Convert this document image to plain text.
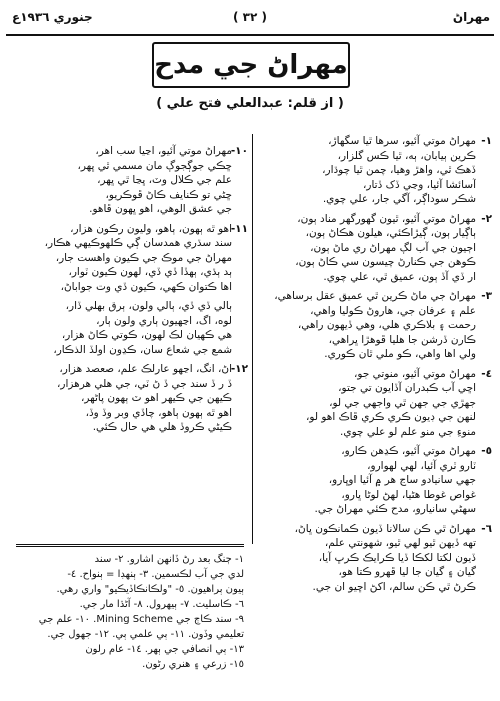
مهراڻ
( ٣٢ )
جنوري ١٩٣٦ع
مهراڻ جي مدح
( از قلم: عبدالعلي فتح علي )
١-
مهراڻ موتي آئيو، سرها ٿيا سگهاڙ،
ڪرين ٻيابان، ٻه، ٿيا ڪس گلزار،
ڏهڪ ٿي، واهڙ وهيا، چمن ٿيا چوڌار،
آسائشا آئيا، وڃي ڏک ڏتار،
شڪر سوداڳر، آگي جار، علي چوي.
٢-
مهراڻ موتي آئيو، ٿيون گهورگهر مناد ٻون،
ٻاڳيار ٻون، ڳيڙاڪئي، هيلون هڪاڻ ٻون،
اڄيون جي آب لڳ مهراڻ ري ماڻ ٻون،
ڪوهن جي ڪنارڻ چيسون سي ڪاڻ ٻون،
ار ڏي آڏ ٻون، عميق ٿي، علي چوي.
٣-
مهراڻ جي ماڻ ڪرين ٿي عميق عقل برساهي،
علم ۽ عرفان جي، هاروڻ ڪوليا واهي،
رحمت ۽ بلاڪري هلي، وهي ڏيهون راهي،
ڪارن ڏرشن جا هليا ڦوهڙا ڀراهي،
ولي اها واهي، ڪو ملي ٿان ڪوري.
٤-
مهراڻ موتي آئيو، منوتي جو،
اڇي آب ڪبدران آڏايون تي جتو،
جهڙي جي جهن ٿي واجهي جي لو،
لنهن جي ڊيون ڪري ڪري ڦاڪ اهو لو،
منوءِ جي منو علم لو علي چوي.
٥-
مهراڻ موتي آئيو، ڪڍهن ڪارو،
ٽارو ٽري آئيا، لهي لهوارو،
جهي سانيادو ساڃ هر ۾ آئيا اوڀارو،
غواص غوطا هڻيا، لهڻ لوڻا ڀارو،
سهڻي سانيارو، مدح ڪئي مهراڻ جي.
٦-
مهراڻ ٿي ڪن سالانا ڏيون ڪمانڪون ڀاڻ،
تهه ڏيهن ٿيو لهي ٿيو، شهونتي علم،
ڏيون لکتا لکڪا ڏيا ڪرايڪ ڪرڀ آيا،
گيان ۽ گيان جا ليا ڦهرو ڪتا هو،
ڪرڻ ٿي ڪن سالم، اکڻ اڇيو ان جي.
١٠-
مهراڻ موتي آئيو، اڃيا سب اهر،
ڇڪي جوڳجوڳ مان مسمي ٿي ڀهر،
علم جي ڪلال وٽ، ڀڃا ٿي ڀهر،
ڇڻي تو ڪنايف ڪاڻ ڦوڪريو،
جي عشق الوهي، اهو ڀهون ڦاهو.
١١-
اهو ٿه ٻهون، ٻاهو، وليون رڪون هزار،
سند سڌري همدسان ڳي ڪلهوڪيهي هڪار،
مهراڻ جي موڪ جي ڪيون واهست جار،
ٻد ٻڌي، ٻهڏا ڏي ڏي، لهون ڪيون ٽوار،
اها ڪتوان ڪهي، ڪيون ڏي وت جواباڻ،
ٻالي ڏي ڏي، ٻالي ولون، ٻرق بهلي ڏار،
لوه، اگ، اڃهيون ٻاري ولون ٻار،
هي ڪهيان لڪ لهون، ڪوتي ڪاڻ هزار،
شمع جي شعاع سان، ڪڍون اولڏ الذڪار،
١٢-
اڻ، انگ، اڃهو عارلڪ علم، صعصد هزار،
ڏ ر ڏ سند جي ڏ ڻ ٽي، جي هلي هرهزار،
ڪيهن جي ڪيهر اهو ٽ ٻهون پاڻهر،
اهو ٿه ٻهون ٻاهو، چاڏي وبر وڏ وڏ،
ڪيڻي ڪروڏ هلي هي حال ڪئي.
١- ڄنگ بعد رڻ ڏانهن اشارو. ٢- سند
لدي جي آب لڪسمين. ٣- ٻنهڊا = ٻنواح. ٤-
ٻيون ٻراهيون. ٥- "ولڪانڪاڏيڪيو" واري رهي.
٦- ڪاسليت. ٧- ٻيهرول. ٨- آڻڌا مار جي.
٩- سند ڪاڄ جي Mining Scheme. ١٠- علم جي
تعليمي وڏون. ١١- ٻي علمي ٻي. ١٢- جهول جي.
١٣- ٻي انصافي جي ٻهر. ١٤- عام رلون
١٥- زرعي ۽ هنري رڻون.
